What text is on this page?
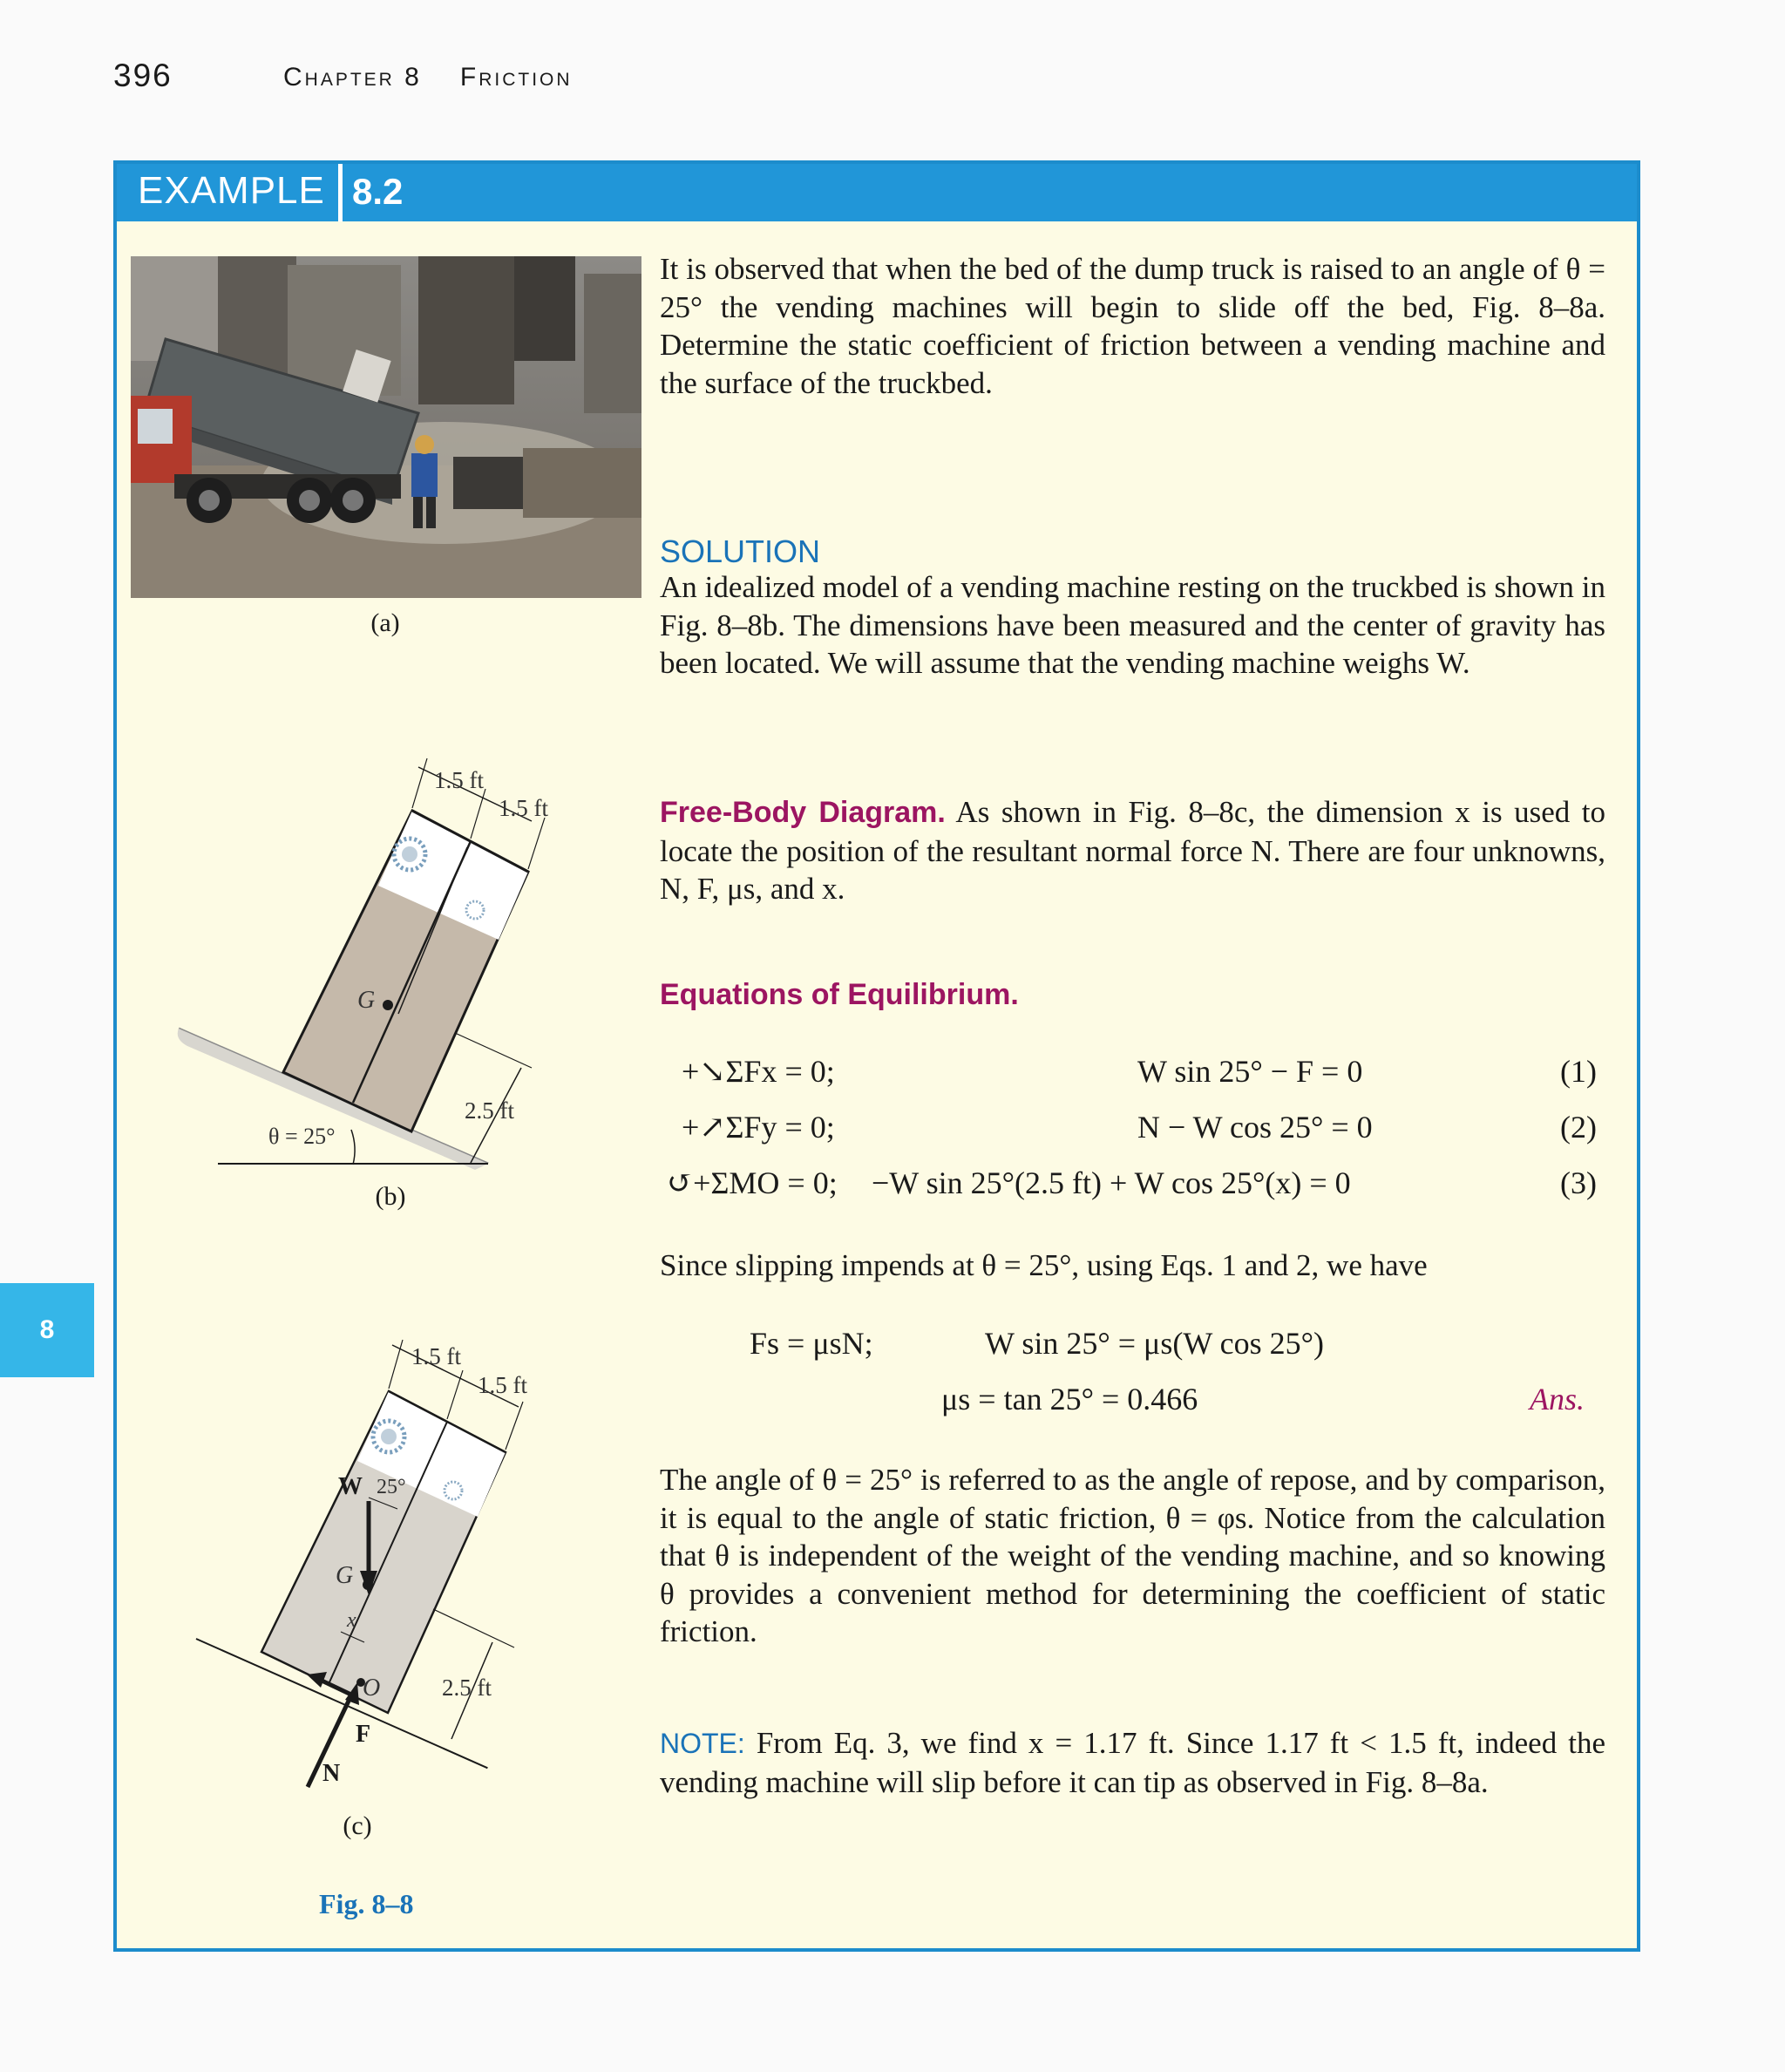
396	Chapter 8 Friction
8
EXAMPLE 8.2
(a)
G
1.5 ft
1.5 ft
2.5 ft
θ = 25°
(b)
W 25°
G
x
O
F
N
1.5 ft
1.5 ft
2.5 ft
(c)
Fig. 8–8
It is observed that when the bed of the dump truck is raised to an angle of θ = 25° the vending machines will begin to slide off the bed, Fig. 8–8a. Determine the static coefficient of friction between a vending machine and the surface of the truckbed.
SOLUTION
An idealized model of a vending machine resting on the truckbed is shown in Fig. 8–8b. The dimensions have been measured and the center of gravity has been located. We will assume that the vending machine weighs W.
Free-Body Diagram. As shown in Fig. 8–8c, the dimension x is used to locate the position of the resultant normal force N. There are four unknowns, N, F, μs, and x.
Equations of Equilibrium.
+↘ΣFx = 0;	W sin 25° − F = 0	(1)
+↗ΣFy = 0;	N − W cos 25° = 0	(2)
↺+ΣMO = 0; −W sin 25°(2.5 ft) + W cos 25°(x) = 0	(3)
Since slipping impends at θ = 25°, using Eqs. 1 and 2, we have
Fs = μsN;	W sin 25° = μs(W cos 25°)
μs = tan 25° = 0.466	Ans.
The angle of θ = 25° is referred to as the angle of repose, and by comparison, it is equal to the angle of static friction, θ = φs. Notice from the calculation that θ is independent of the weight of the vending machine, and so knowing θ provides a convenient method for determining the coefficient of static friction.
NOTE: From Eq. 3, we find x = 1.17 ft. Since 1.17 ft < 1.5 ft, indeed the vending machine will slip before it can tip as observed in Fig. 8–8a.
